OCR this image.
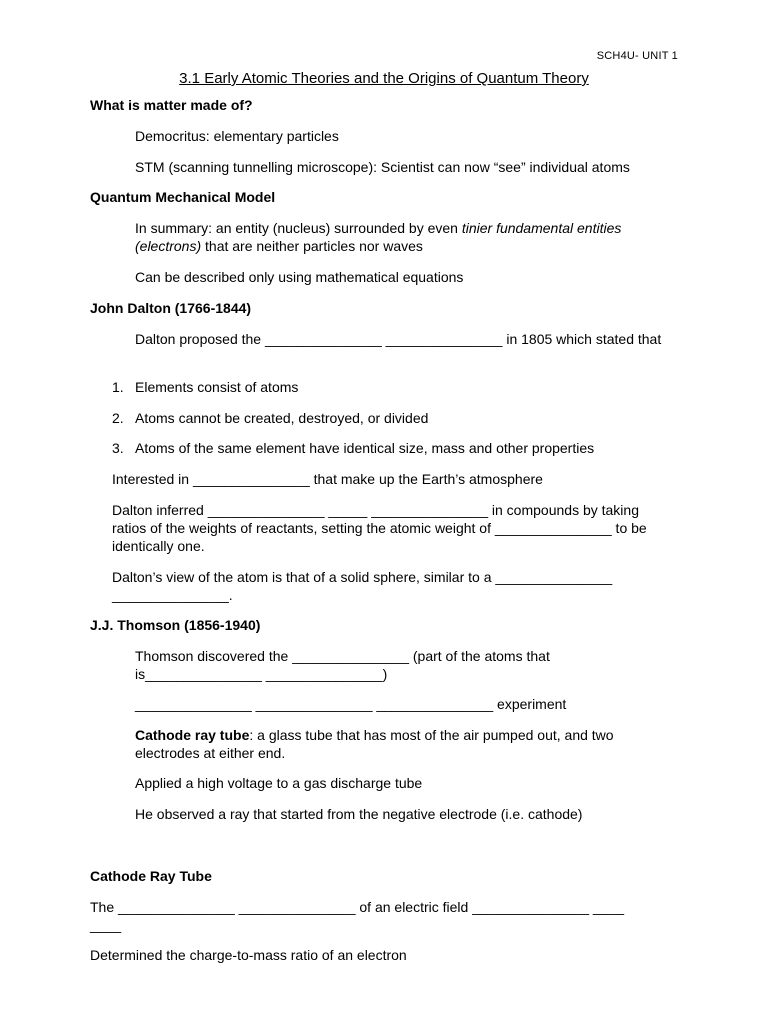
SCH4U- UNIT 1
3.1 Early Atomic Theories and the Origins of Quantum Theory
What is matter made of?
Democritus: elementary particles
STM (scanning tunnelling microscope): Scientist can now “see” individual atoms
Quantum Mechanical Model
In summary: an entity (nucleus) surrounded by even tinier fundamental entities (electrons) that are neither particles nor waves
Can be described only using mathematical equations
John Dalton (1766-1844)
Dalton proposed the _______________ _______________ in 1805 which stated that
1. Elements consist of atoms
2. Atoms cannot be created, destroyed, or divided
3. Atoms of the same element have identical size, mass and other properties
Interested in _______________ that make up the Earth’s atmosphere
Dalton inferred _______________ _____ _______________ in compounds by taking ratios of the weights of reactants, setting the atomic weight of _______________ to be identically one.
Dalton’s view of the atom is that of a solid sphere, similar to a _______________ _______________.
J.J. Thomson (1856-1940)
Thomson discovered the _______________ (part of the atoms that is_______________ _______________)
_______________ _______________ _______________ experiment
Cathode ray tube: a glass tube that has most of the air pumped out, and two electrodes at either end.
Applied a high voltage to a gas discharge tube
He observed a ray that started from the negative electrode (i.e. cathode)
Cathode Ray Tube
The _______________ _______________ of an electric field _______________ ____ ____
Determined the charge-to-mass ratio of an electron
